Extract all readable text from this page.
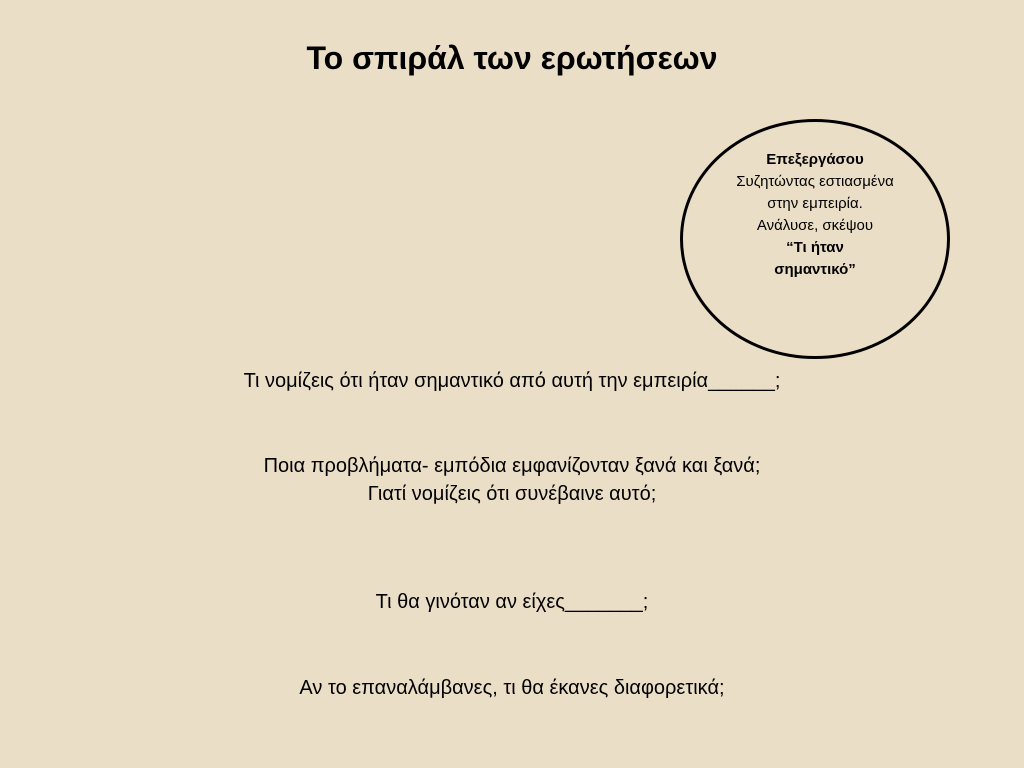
Το σπιράλ των ερωτήσεων
Επεξεργάσου
Συζητώντας εστιασμένα
στην εμπειρία.
Ανάλυσε, σκέψου
“Τι ήταν
σημαντικό”
Τι νομίζεις ότι ήταν σημαντικό από αυτή την εμπειρία______;
Ποια προβλήματα- εμπόδια εμφανίζονταν ξανά και ξανά;
Γιατί νομίζεις ότι συνέβαινε αυτό;
Τι θα γινόταν αν είχες_______;
Αν το επαναλάμβανες, τι θα έκανες διαφορετικά;
